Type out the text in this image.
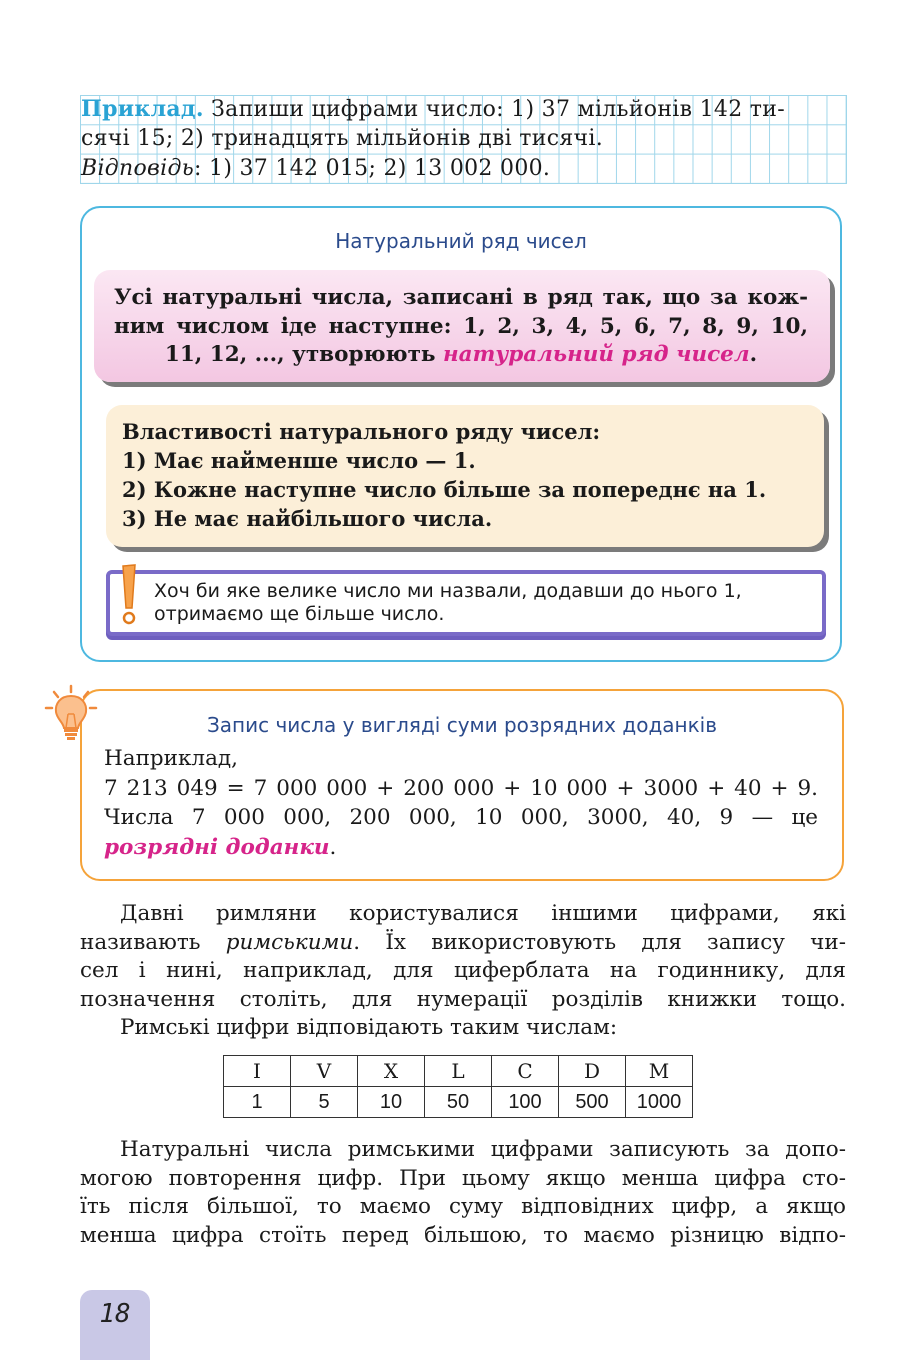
Приклад. Запиши цифрами число: 1) 37 мільйонів 142 ти-
сячі 15; 2) тринадцять мільйонів дві тисячі.
Відповідь: 1) 37 142 015; 2) 13 002 000.
Натуральний ряд чисел
Усі натуральні числа, записані в ряд так, що за кож-
ним числом іде наступне: 1, 2, 3, 4, 5, 6, 7, 8, 9, 10,
11, 12, ..., утворюють натуральний ряд чисел.
Властивості натурального ряду чисел:
1) Має найменше число — 1.
2) Кожне наступне число більше за попереднє на 1.
3) Не має найбільшого числа.
Хоч би яке велике число ми назвали, додавши до нього 1,
отримаємо ще більше число.
Запис числа у вигляді суми розрядних доданків
Наприклад,
7 213 049 = 7 000 000 + 200 000 + 10 000 + 3000 + 40 + 9.
Числа 7 000 000, 200 000, 10 000, 3000, 40, 9 — це
розрядні доданки.
Давні римляни користувалися іншими цифрами, які
називають римськими. Їх використовують для запису чи-
сел і нині, наприклад, для циферблата на годиннику, для
позначення століть, для нумерації розділів книжки тощо.
Римські цифри відповідають таким числам:
I	V	X	L	C	D	M
1	5	10	50	100	500	1000
Натуральні числа римськими цифрами записують за допо-
могою повторення цифр. При цьому якщо менша цифра сто-
їть після більшої, то маємо суму відповідних цифр, а якщо
менша цифра стоїть перед більшою, то маємо різницю відпо-
18
